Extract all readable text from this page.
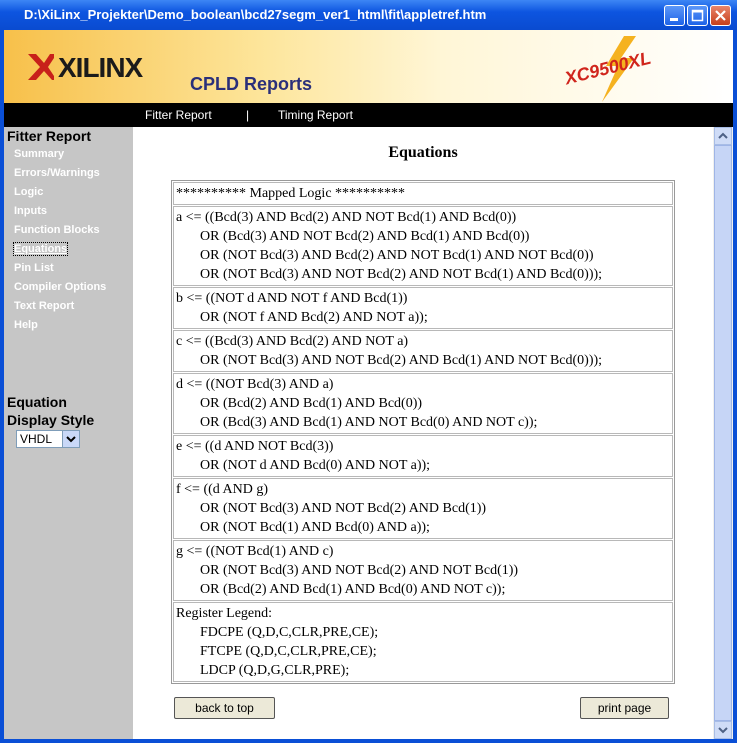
D:\XiLinx_Projekter\Demo_boolean\bcd27segm_ver1_html\fit\appletref.htm
XILINX
CPLD Reports	XC9500XL
Fitter Report	| Timing Report
Fitter Report
Summary
Errors/Warnings
Logic
Inputs
Function Blocks
Equations
Pin List
Compiler Options
Text Report
Help
Equation
Display Style
VHDL
Equations
********** Mapped Logic **********
a <= ((Bcd(3) AND Bcd(2) AND NOT Bcd(1) AND Bcd(0))
OR (Bcd(3) AND NOT Bcd(2) AND Bcd(1) AND Bcd(0))
OR (NOT Bcd(3) AND Bcd(2) AND NOT Bcd(1) AND NOT Bcd(0))
OR (NOT Bcd(3) AND NOT Bcd(2) AND NOT Bcd(1) AND Bcd(0)));
b <= ((NOT d AND NOT f AND Bcd(1))
OR (NOT f AND Bcd(2) AND NOT a));
c <= ((Bcd(3) AND Bcd(2) AND NOT a)
OR (NOT Bcd(3) AND NOT Bcd(2) AND Bcd(1) AND NOT Bcd(0)));
d <= ((NOT Bcd(3) AND a)
OR (Bcd(2) AND Bcd(1) AND Bcd(0))
OR (Bcd(3) AND Bcd(1) AND NOT Bcd(0) AND NOT c));
e <= ((d AND NOT Bcd(3))
OR (NOT d AND Bcd(0) AND NOT a));
f <= ((d AND g)
OR (NOT Bcd(3) AND NOT Bcd(2) AND Bcd(1))
OR (NOT Bcd(1) AND Bcd(0) AND a));
g <= ((NOT Bcd(1) AND c)
OR (NOT Bcd(3) AND NOT Bcd(2) AND NOT Bcd(1))
OR (Bcd(2) AND Bcd(1) AND Bcd(0) AND NOT c));
Register Legend:
FDCPE (Q,D,C,CLR,PRE,CE);
FTCPE (Q,D,C,CLR,PRE,CE);
LDCP (Q,D,G,CLR,PRE);
back to top	print page
